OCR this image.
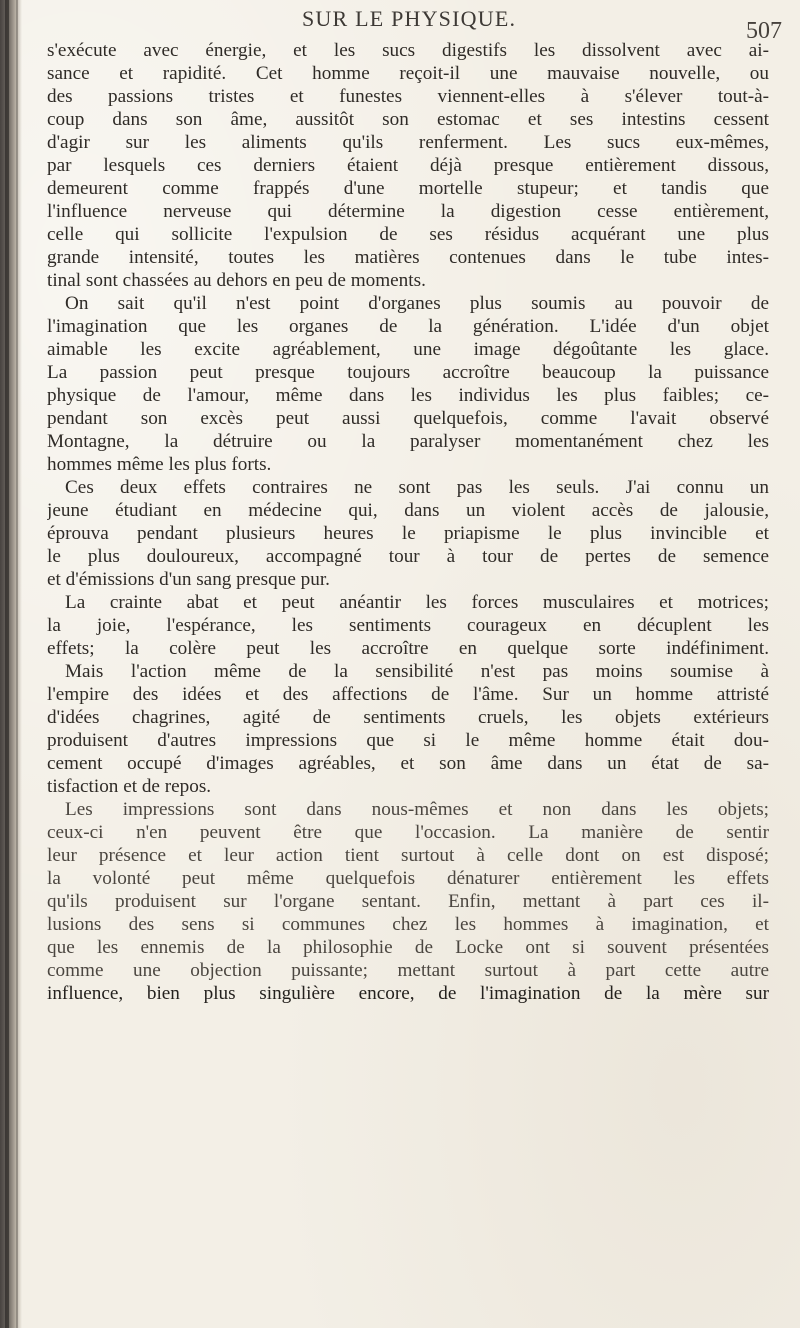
SUR LE PHYSIQUE.	507
s'exécute avec énergie, et les sucs digestifs les dissolvent avec ai-
sance et rapidité. Cet homme reçoit-il une mauvaise nouvelle, ou
des passions tristes et funestes viennent-elles à s'élever tout-à-
coup dans son âme, aussitôt son estomac et ses intestins cessent
d'agir sur les aliments qu'ils renferment. Les sucs eux-mêmes,
par lesquels ces derniers étaient déjà presque entièrement dissous,
demeurent comme frappés d'une mortelle stupeur; et tandis que
l'influence nerveuse qui détermine la digestion cesse entièrement,
celle qui sollicite l'expulsion de ses résidus acquérant une plus
grande intensité, toutes les matières contenues dans le tube intes-
tinal sont chassées au dehors en peu de moments.
On sait qu'il n'est point d'organes plus soumis au pouvoir de
l'imagination que les organes de la génération. L'idée d'un objet
aimable les excite agréablement, une image dégoûtante les glace.
La passion peut presque toujours accroître beaucoup la puissance
physique de l'amour, même dans les individus les plus faibles; ce-
pendant son excès peut aussi quelquefois, comme l'avait observé
Montagne, la détruire ou la paralyser momentanément chez les
hommes même les plus forts.
Ces deux effets contraires ne sont pas les seuls. J'ai connu un
jeune étudiant en médecine qui, dans un violent accès de jalousie,
éprouva pendant plusieurs heures le priapisme le plus invincible et
le plus douloureux, accompagné tour à tour de pertes de semence
et d'émissions d'un sang presque pur.
La crainte abat et peut anéantir les forces musculaires et motrices;
la joie, l'espérance, les sentiments courageux en décuplent les
effets; la colère peut les accroître en quelque sorte indéfiniment.
Mais l'action même de la sensibilité n'est pas moins soumise à
l'empire des idées et des affections de l'âme. Sur un homme attristé
d'idées chagrines, agité de sentiments cruels, les objets extérieurs
produisent d'autres impressions que si le même homme était dou-
cement occupé d'images agréables, et son âme dans un état de sa-
tisfaction et de repos.
Les impressions sont dans nous-mêmes et non dans les objets;
ceux-ci n'en peuvent être que l'occasion. La manière de sentir
leur présence et leur action tient surtout à celle dont on est disposé;
la volonté peut même quelquefois dénaturer entièrement les effets
qu'ils produisent sur l'organe sentant. Enfin, mettant à part ces il-
lusions des sens si communes chez les hommes à imagination, et
que les ennemis de la philosophie de Locke ont si souvent présentées
comme une objection puissante; mettant surtout à part cette autre
influence, bien plus singulière encore, de l'imagination de la mère sur
